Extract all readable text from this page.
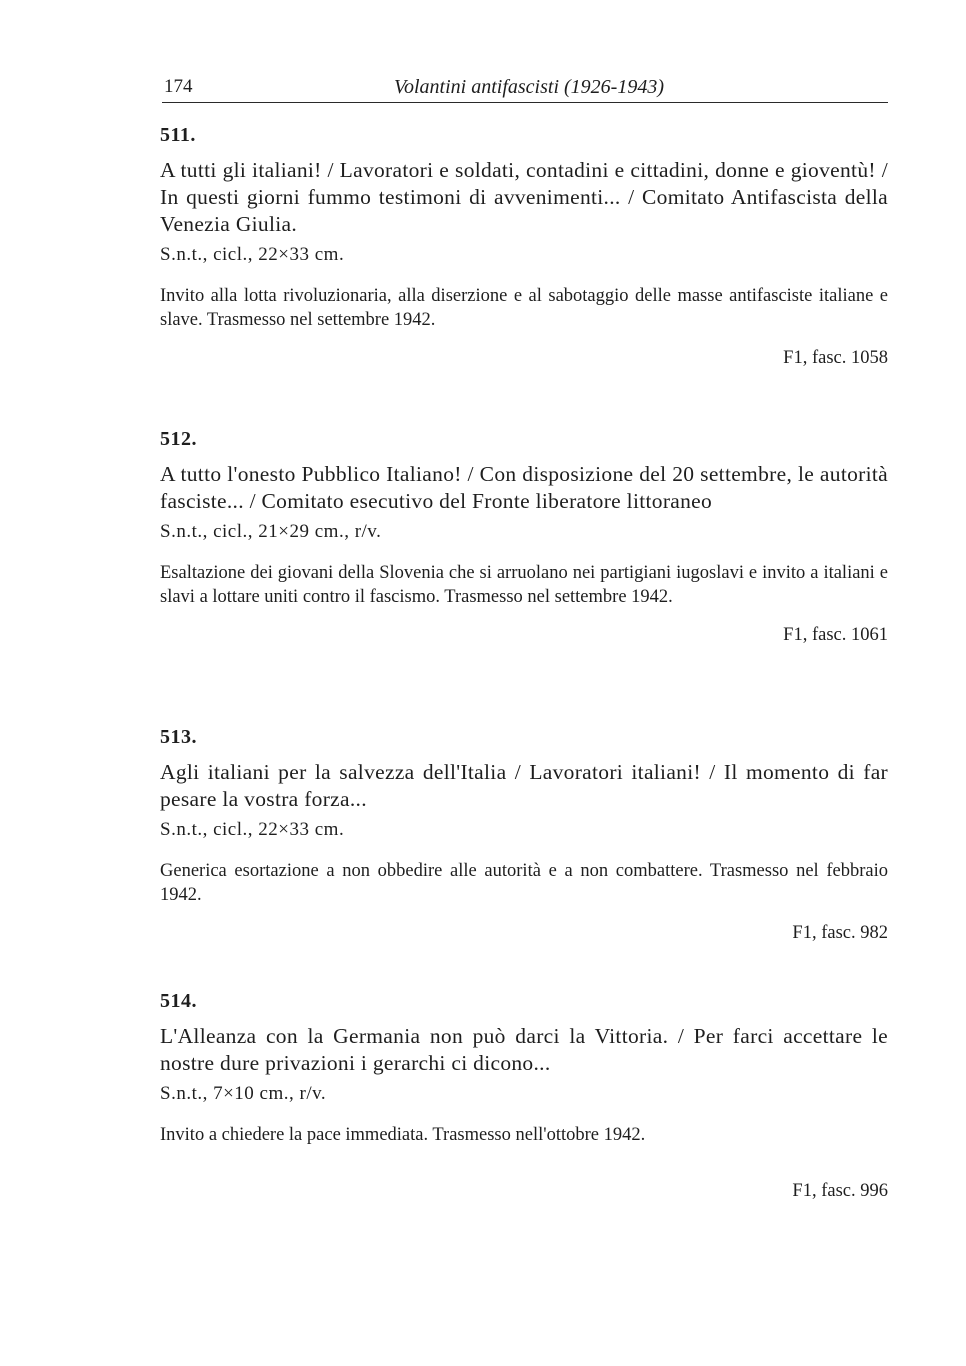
174	Volantini antifascisti (1926-1943)

511.

A tutti gli italiani! / Lavoratori e soldati, contadini e cittadini, donne e gioventù! / In questi giorni fummo testimoni di avvenimenti... / Comitato Antifascista della Venezia Giulia.

S.n.t., cicl., 22×33 cm.

Invito alla lotta rivoluzionaria, alla diserzione e al sabotaggio delle masse antifasciste italiane e slave. Trasmesso nel settembre 1942.

F1, fasc. 1058

512.

A tutto l'onesto Pubblico Italiano! / Con disposizione del 20 settembre, le autorità fasciste... / Comitato esecutivo del Fronte liberatore littoraneo

S.n.t., cicl., 21×29 cm., r/v.

Esaltazione dei giovani della Slovenia che si arruolano nei partigiani iugoslavi e invito a italiani e slavi a lottare uniti contro il fascismo. Trasmesso nel settembre 1942.

F1, fasc. 1061

513.

Agli italiani per la salvezza dell'Italia / Lavoratori italiani! / Il momento di far pesare la vostra forza...

S.n.t., cicl., 22×33 cm.

Generica esortazione a non obbedire alle autorità e a non combattere. Trasmesso nel febbraio 1942.

F1, fasc. 982

514.

L'Alleanza con la Germania non può darci la Vittoria. / Per farci accettare le nostre dure privazioni i gerarchi ci dicono...

S.n.t., 7×10 cm., r/v.

Invito a chiedere la pace immediata. Trasmesso nell'ottobre 1942.

F1, fasc. 996
